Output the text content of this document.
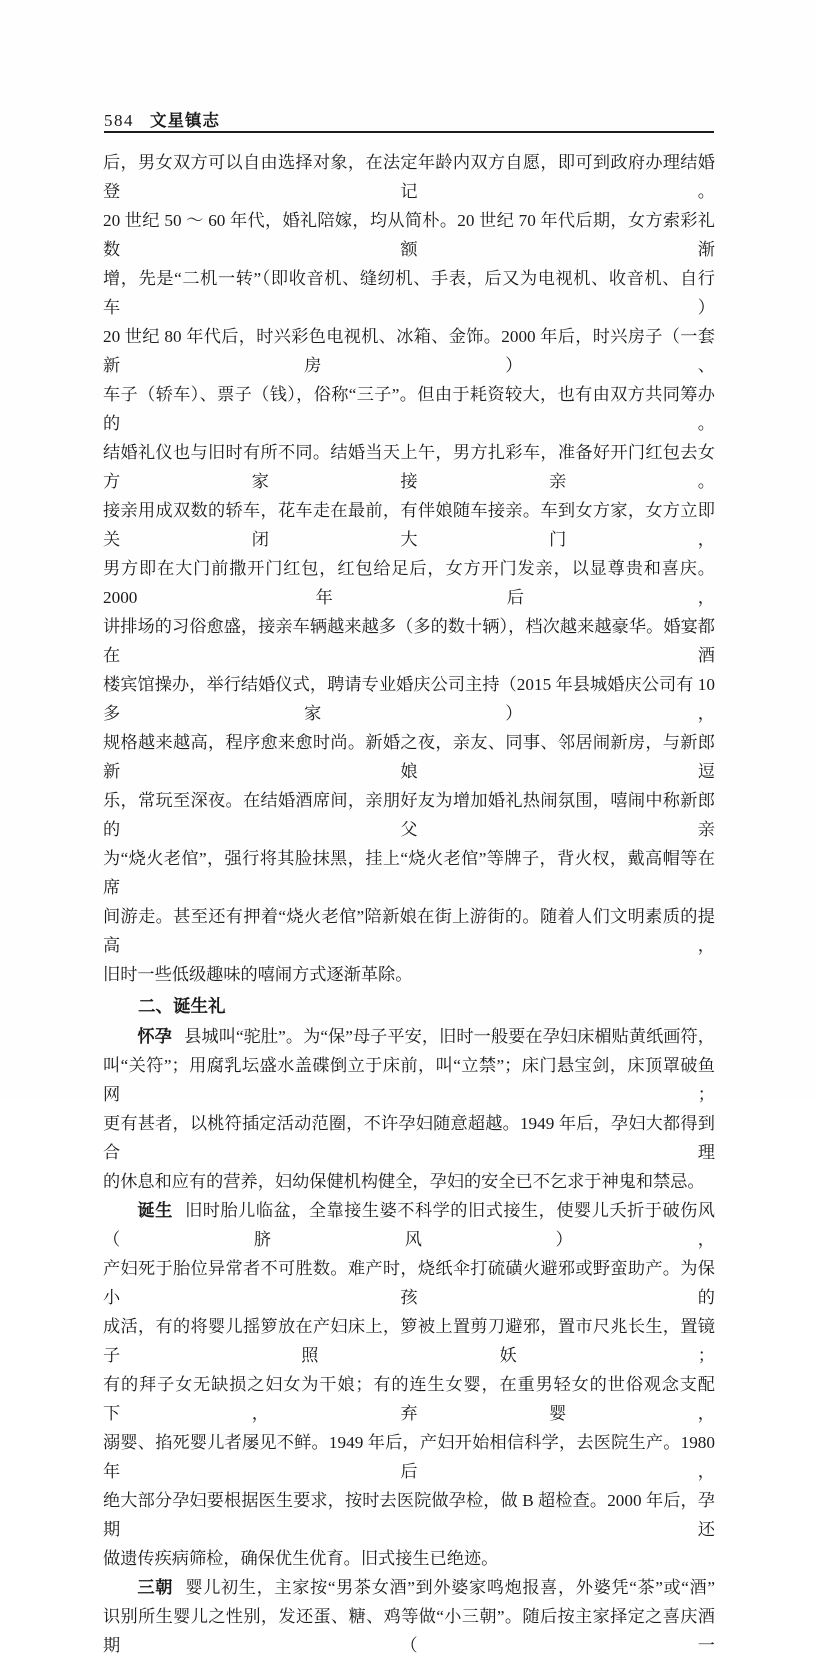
584 文星镇志
后，男女双方可以自由选择对象，在法定年龄内双方自愿，即可到政府办理结婚登记。
20 世纪 50 ～ 60 年代，婚礼陪嫁，均从简朴。20 世纪 70 年代后期，女方索彩礼数额渐
增，先是“二机一转”（即收音机、缝纫机、手表，后又为电视机、收音机、自行车）
20 世纪 80 年代后，时兴彩色电视机、冰箱、金饰。2000 年后，时兴房子（一套新房）、
车子（轿车）、票子（钱），俗称“三子”。但由于耗资较大，也有由双方共同筹办的。
结婚礼仪也与旧时有所不同。结婚当天上午，男方扎彩车，准备好开门红包去女方家接亲。
接亲用成双数的轿车，花车走在最前，有伴娘随车接亲。车到女方家，女方立即关闭大门，
男方即在大门前撒开门红包，红包给足后，女方开门发亲，以显尊贵和喜庆。2000 年后，
讲排场的习俗愈盛，接亲车辆越来越多（多的数十辆），档次越来越豪华。婚宴都在酒
楼宾馆操办，举行结婚仪式，聘请专业婚庆公司主持（2015 年县城婚庆公司有 10 多家），
规格越来越高，程序愈来愈时尚。新婚之夜，亲友、同事、邻居闹新房，与新郎新娘逗
乐，常玩至深夜。在结婚酒席间，亲朋好友为增加婚礼热闹氛围，嘻闹中称新郎的父亲
为“烧火老倌”，强行将其脸抹黑，挂上“烧火老倌”等牌子，背火杈，戴高帽等在席
间游走。甚至还有押着“烧火老倌”陪新娘在街上游街的。随着人们文明素质的提高，
旧时一些低级趣味的嘻闹方式逐渐革除。
二、诞生礼
怀孕 县城叫“驼肚”。为“保”母子平安，旧时一般要在孕妇床楣贴黄纸画符，
叫“关符”；用腐乳坛盛水盖碟倒立于床前，叫“立禁”；床门悬宝剑，床顶罩破鱼网；
更有甚者，以桃符插定活动范圈，不许孕妇随意超越。1949 年后，孕妇大都得到合理
的休息和应有的营养，妇幼保健机构健全，孕妇的安全已不乞求于神鬼和禁忌。
诞生 旧时胎儿临盆，全靠接生婆不科学的旧式接生，使婴儿夭折于破伤风（脐风），
产妇死于胎位异常者不可胜数。难产时，烧纸伞打硫磺火避邪或野蛮助产。为保小孩的
成活，有的将婴儿摇箩放在产妇床上，箩被上置剪刀避邪，置市尺兆长生，置镜子照妖；
有的拜子女无缺损之妇女为干娘；有的连生女婴，在重男轻女的世俗观念支配下，弃婴，
溺婴、掐死婴儿者屡见不鲜。1949 年后，产妇开始相信科学，去医院生产。1980 年后，
绝大部分孕妇要根据医生要求，按时去医院做孕检，做 B 超检查。2000 年后，孕期还
做遗传疾病筛检，确保优生优育。旧式接生已绝迹。
三朝 婴儿初生，主家按“男茶女酒”到外婆家鸣炮报喜，外婆凭“茶”或“酒”
识别所生婴儿之性别，发还蛋、糖、鸡等做“小三朝”。随后按主家择定之喜庆酒期（一
